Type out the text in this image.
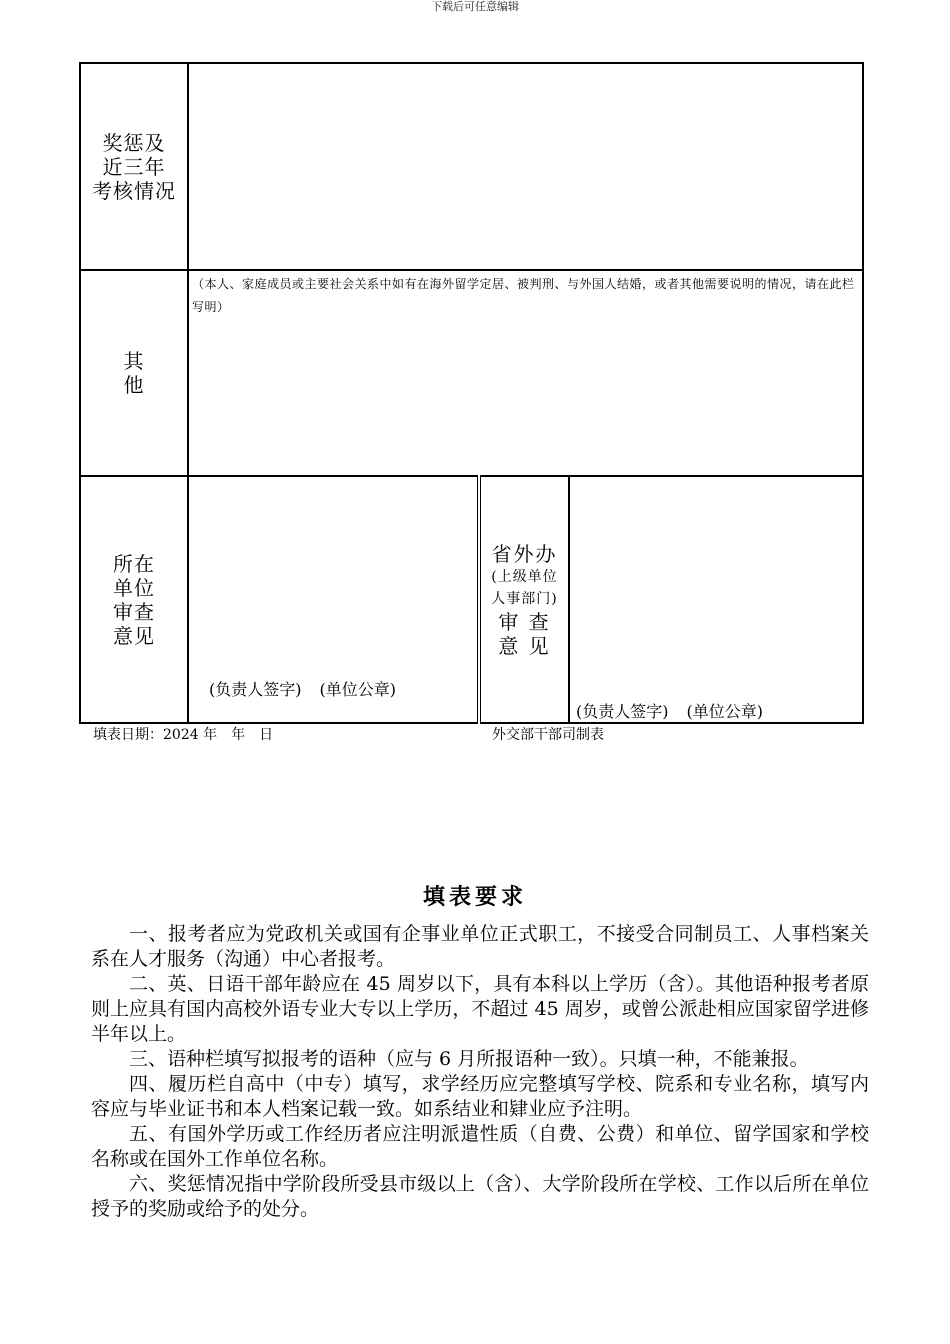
下载后可任意编辑
奖惩及
近三年
考核情况			

其
他	（本人、家庭成员或主要社会关系中如有在海外留学定居、被判刑、与外国人结婚，或者其他需要说明的情况，请在此栏写明）		

所在
单位
审查
意见	(负责人签字) (单位公章)	省外办
(上级单位
人事部门)
审 查
意 见	(负责人签字) (单位公章)
填表日期：2024 年　年　日	外交部干部司制表
填表要求

一、报考者应为党政机关或国有企事业单位正式职工，不接受合同制员工、人事档案关系在人才服务（沟通）中心者报考。

二、英、日语干部年龄应在 45 周岁以下，具有本科以上学历（含）。其他语种报考者原则上应具有国内高校外语专业大专以上学历，不超过 45 周岁，或曾公派赴相应国家留学进修半年以上。

三、语种栏填写拟报考的语种（应与 6 月所报语种一致）。只填一种，不能兼报。

四、履历栏自高中（中专）填写，求学经历应完整填写学校、院系和专业名称，填写内容应与毕业证书和本人档案记载一致。如系结业和肄业应予注明。

五、有国外学历或工作经历者应注明派遣性质（自费、公费）和单位、留学国家和学校名称或在国外工作单位名称。

六、奖惩情况指中学阶段所受县市级以上（含）、大学阶段所在学校、工作以后所在单位授予的奖励或给予的处分。
